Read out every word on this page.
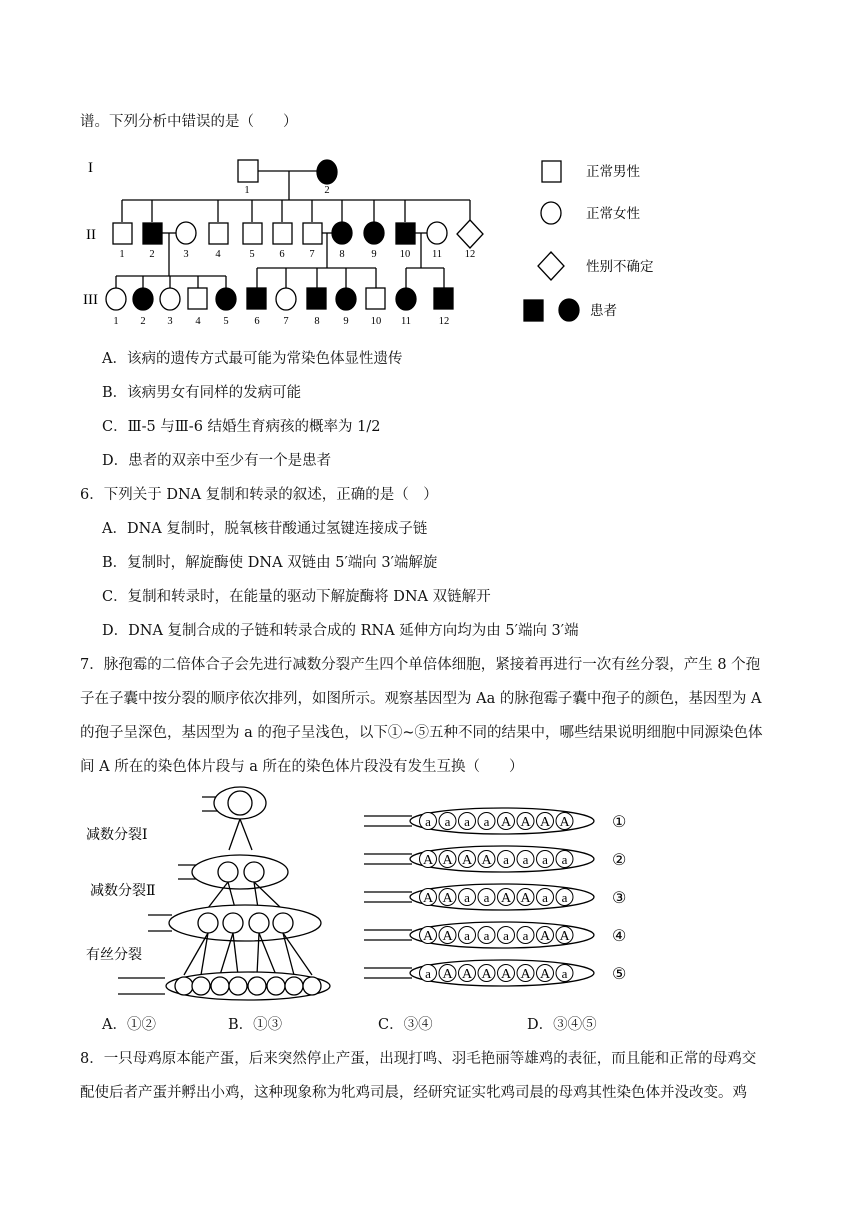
谱。下列分析中错误的是（　　）
I
II
III
1	2
1 2	3	4	5 6 7 8	9 10 11 12
1 2 3 4 5 6 7 8 9 10 11	12
正常男性
正常女性
性别不确定
患者
A．该病的遗传方式最可能为常染色体显性遗传
B．该病男女有同样的发病可能
C．Ⅲ-5 与Ⅲ-6 结婚生育病孩的概率为 1/2
D．患者的双亲中至少有一个是患者
6．下列关于 DNA 复制和转录的叙述，正确的是（　）
A．DNA 复制时，脱氧核苷酸通过氢键连接成子链
B．复制时，解旋酶使 DNA 双链由 5′端向 3′端解旋
C．复制和转录时，在能量的驱动下解旋酶将 DNA 双链解开
D．DNA 复制合成的子链和转录合成的 RNA 延伸方向均为由 5′端向 3′端
7．脉孢霉的二倍体合子会先进行减数分裂产生四个单倍体细胞，紧接着再进行一次有丝分裂，产生 8 个孢
子在子囊中按分裂的顺序依次排列，如图所示。观察基因型为 Aa 的脉孢霉子囊中孢子的颜色，基因型为 A
的孢子呈深色，基因型为 a 的孢子呈浅色，以下①~⑤五种不同的结果中，哪些结果说明细胞中同源染色体
间 A 所在的染色体片段与 a 所在的染色体片段没有发生互换（　　）
减数分裂Ⅰ
减数分裂Ⅱ
有丝分裂
a a a a A A A A	①
A A A A a a a a	②
A A a a A A a a	③
A A a a a a A A	④
a A A A A A A a	⑤
A．①②	B．①③	C．③④	D．③④⑤
8．一只母鸡原本能产蛋，后来突然停止产蛋，出现打鸣、羽毛艳丽等雄鸡的表征，而且能和正常的母鸡交
配使后者产蛋并孵出小鸡，这种现象称为牝鸡司晨，经研究证实牝鸡司晨的母鸡其性染色体并没改变。鸡
